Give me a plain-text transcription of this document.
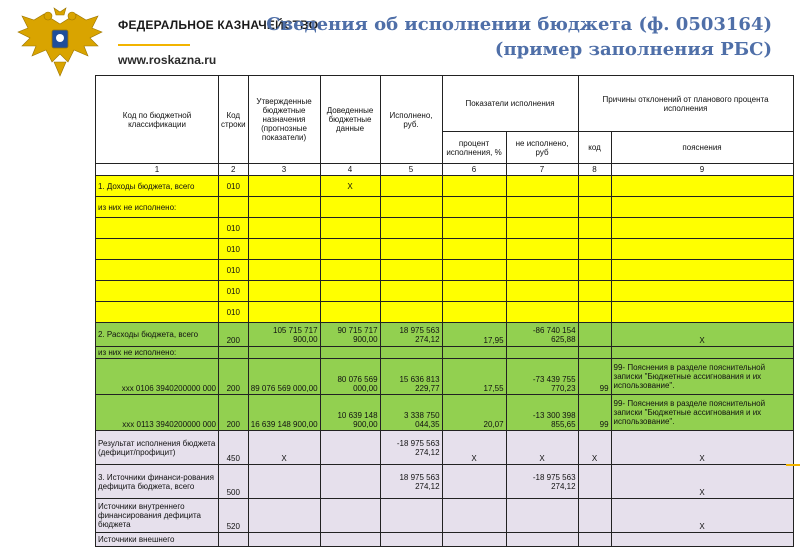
ФЕДЕРАЛЬНОЕ КАЗНАЧЕЙСТВО
www.roskazna.ru
Сведения об исполнении бюджета (ф. 0503164)
(пример заполнения РБС)
Код по бюджетной классификации	Код строки	Утвержденные бюджетные назначения (прогнозные показатели)	Доведенные бюджетные данные	Исполнено, руб.	Показатели исполнения		Причины отклонений от планового процента исполнения	
					процент исполнения, %	не исполнено, руб	код	пояснения
1	2	3	4	5	6	7	8	9
1. Доходы бюджета, всего	010		Х					
из них не исполнено:								
	010							
	010							
	010							
	010							
	010							
2. Расходы бюджета, всего	200	105 715 717 900,00	90 715 717 900,00	18 975 563 274,12	17,95	-86 740 154 625,88		Х
из них не исполнено:								
xxx 0106 3940200000 000	200	89 076 569 000,00	80 076 569 000,00	15 636 813 229,77	17,55	-73 439 755 770,23	99	99- Пояснения в разделе пояснительной записки "Бюджетные ассигнования и их использование".
xxx 0113 3940200000 000	200	16 639 148 900,00	10 639 148 900,00	3 338 750 044,35	20,07	-13 300 398 855,65	99	99- Пояснения в разделе пояснительной записки "Бюджетные ассигнования и их использование".
Результат исполнения бюджета (дефицит/профицит)	450	Х		-18 975 563 274,12	Х	Х	Х	Х
3. Источники финанси-рования дефицита бюджета, всего	500			18 975 563 274,12		-18 975 563 274,12		Х
Источники внутреннего финансирования дефицита бюджета	520							Х
Источники внешнего								
